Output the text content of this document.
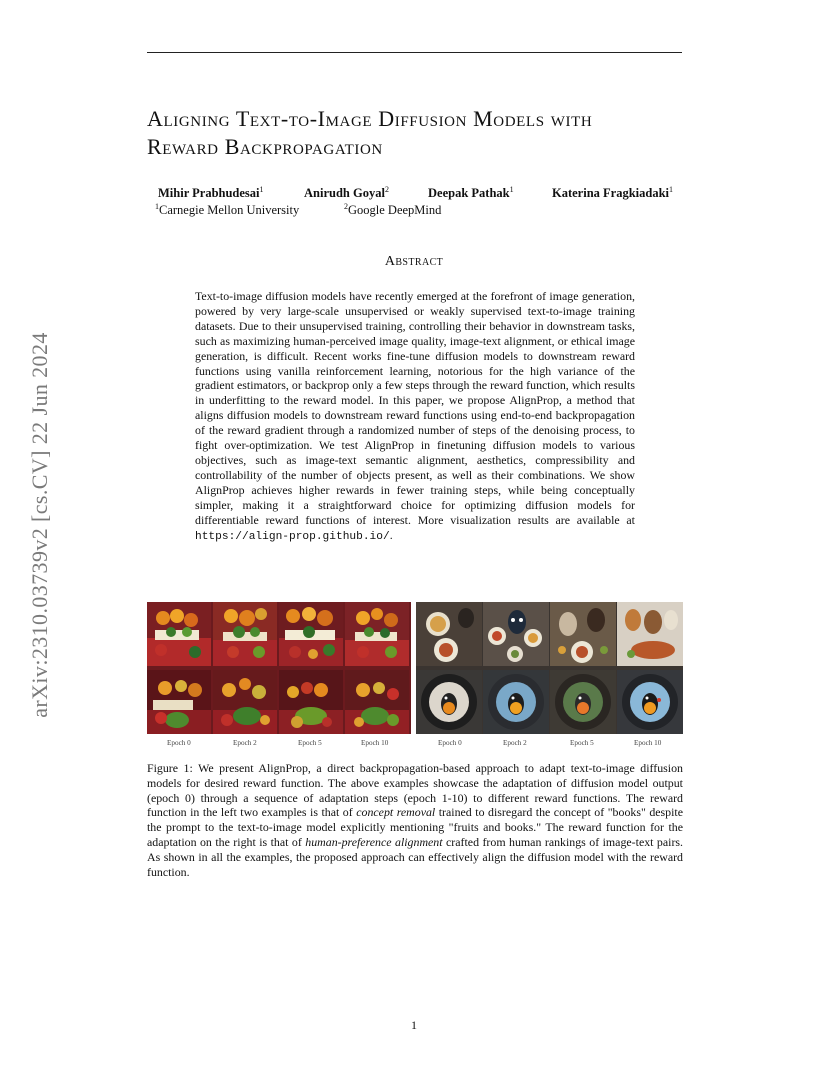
Aligning Text-to-Image Diffusion Models with
Reward Backpropagation
Mihir Prabhudesai$^1$	Anirudh Goyal$^2$	Deepak Pathak$^1$	Katerina Fragkiadaki$^1$
$^1$Carnegie Mellon University	$^2$Google DeepMind
Abstract
Text-to-image diffusion models have recently emerged at the forefront of image generation, powered by very large-scale unsupervised or weakly supervised text-to-image training datasets. Due to their unsupervised training, controlling their behavior in downstream tasks, such as maximizing human-perceived image quality, image-text alignment, or ethical image generation, is difficult. Recent works fine-tune diffusion models to downstream reward functions using vanilla reinforcement learning, notorious for the high variance of the gradient estimators, or backprop only a few steps through the reward function, which results in underfitting to the reward model. In this paper, we propose AlignProp, a method that aligns diffusion models to downstream reward functions using end-to-end backpropagation of the reward gradient through a randomized number of steps of the denoising process, to fight over-optimization. We test AlignProp in finetuning diffusion models to various objectives, such as image-text semantic alignment, aesthetics, compressibility and controllability of the number of objects present, as well as their combinations. We show AlignProp achieves higher rewards in fewer training steps, while being conceptually simpler, making it a straightforward choice for optimizing diffusion models for differentiable reward functions of interest. More visualization results are available at https://align-prop.github.io/.
arXiv:2310.03739v2 [cs.CV] 22 Jun 2024
Epoch 0	Epoch 2	Epoch 5	Epoch 10	Epoch 0	Epoch 2	Epoch 5	Epoch 10
Figure 1: We present AlignProp, a direct backpropagation-based approach to adapt text-to-image diffusion models for desired reward function. The above examples showcase the adaptation of diffusion model output (epoch 0) through a sequence of adaptation steps (epoch 1-10) to different reward functions. The reward function in the left two examples is that of concept removal trained to disregard the concept of "books" despite the prompt to the text-to-image model explicitly mentioning "fruits and books." The reward function for the adaptation on the right is that of human-preference alignment crafted from human rankings of image-text pairs. As shown in all the examples, the proposed approach can effectively align the diffusion model with the reward function.
1
